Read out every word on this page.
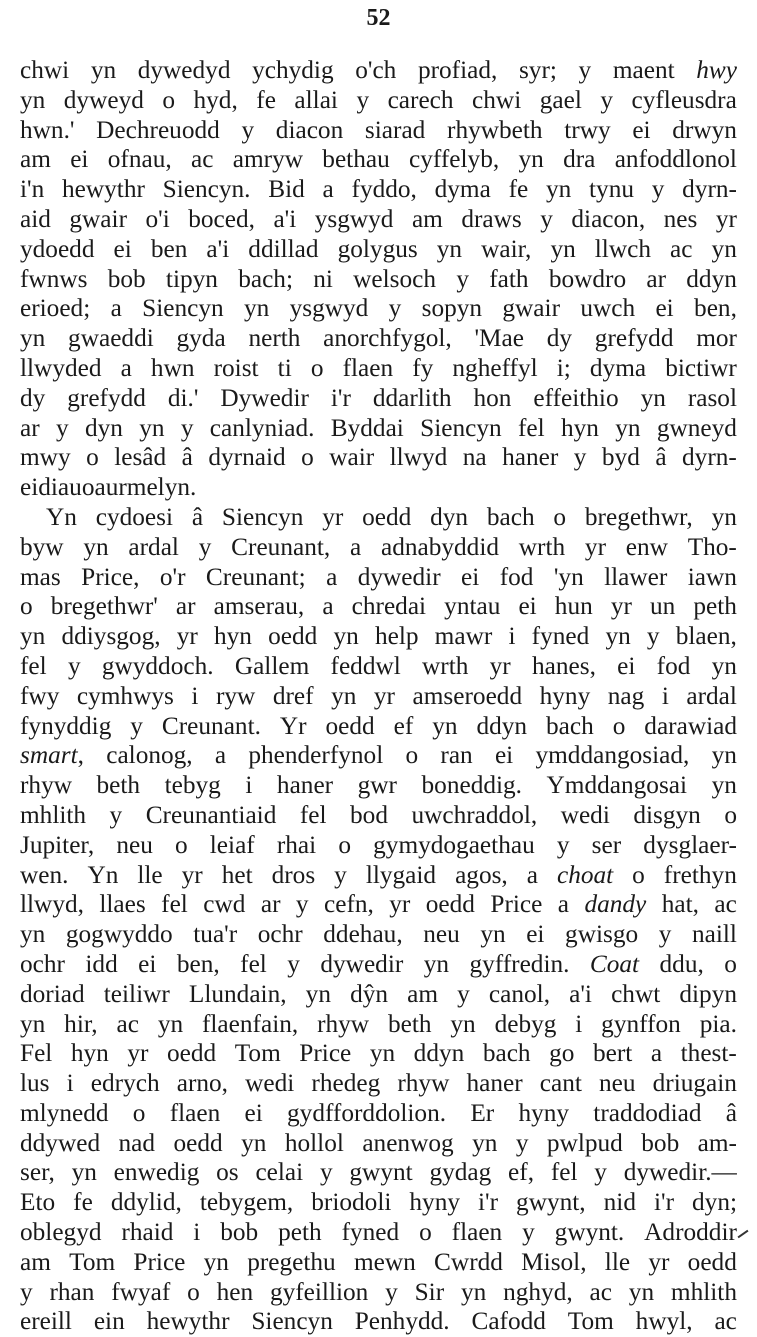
52
chwi yn dywedyd ychydig o'ch profiad, syr; y maent hwy
yn dyweyd o hyd, fe allai y carech chwi gael y cyfleusdra
hwn.' Dechreuodd y diacon siarad rhywbeth trwy ei drwyn
am ei ofnau, ac amryw bethau cyffelyb, yn dra anfoddlonol
i'n hewythr Siencyn. Bid a fyddo, dyma fe yn tynu y dyrn-
aid gwair o'i boced, a'i ysgwyd am draws y diacon, nes yr
ydoedd ei ben a'i ddillad golygus yn wair, yn llwch ac yn
fwnws bob tipyn bach; ni welsoch y fath bowdro ar ddyn
erioed; a Siencyn yn ysgwyd y sopyn gwair uwch ei ben,
yn gwaeddi gyda nerth anorchfygol, 'Mae dy grefydd mor
llwyded a hwn roist ti o flaen fy ngheffyl i; dyma bictiwr
dy grefydd di.' Dywedir i'r ddarlith hon effeithio yn rasol
ar y dyn yn y canlyniad. Byddai Siencyn fel hyn yn gwneyd
mwy o lesâd â dyrnaid o wair llwyd na haner y byd â dyrn-
eidiau o aur melyn.
Yn cydoesi â Siencyn yr oedd dyn bach o bregethwr, yn
byw yn ardal y Creunant, a adnabyddid wrth yr enw Tho-
mas Price, o'r Creunant; a dywedir ei fod 'yn llawer iawn
o bregethwr' ar amserau, a chredai yntau ei hun yr un peth
yn ddiysgog, yr hyn oedd yn help mawr i fyned yn y blaen,
fel y gwyddoch. Gallem feddwl wrth yr hanes, ei fod yn
fwy cymhwys i ryw dref yn yr amseroedd hyny nag i ardal
fynyddig y Creunant. Yr oedd ef yn ddyn bach o darawiad
smart, calonog, a phenderfynol o ran ei ymddangosiad, yn
rhyw beth tebyg i haner gwr boneddig. Ymddangosai yn
mhlith y Creunantiaid fel bod uwchraddol, wedi disgyn o
Jupiter, neu o leiaf rhai o gymydogaethau y ser dysglaer-
wen. Yn lle yr het dros y llygaid agos, a choat o frethyn
llwyd, llaes fel cwd ar y cefn, yr oedd Price a dandy hat, ac
yn gogwyddo tua'r ochr ddehau, neu yn ei gwisgo y naill
ochr idd ei ben, fel y dywedir yn gyffredin. Coat ddu, o
doriad teiliwr Llundain, yn dŷn am y canol, a'i chwt dipyn
yn hir, ac yn flaenfain, rhyw beth yn debyg i gynffon pia.
Fel hyn yr oedd Tom Price yn ddyn bach go bert a thest-
lus i edrych arno, wedi rhedeg rhyw haner cant neu driugain
mlynedd o flaen ei gydfforddolion. Er hyny traddodiad â
ddywed nad oedd yn hollol anenwog yn y pwlpud bob am-
ser, yn enwedig os celai y gwynt gydag ef, fel y dywedir.—
Eto fe ddylid, tebygem, briodoli hyny i'r gwynt, nid i'r dyn;
oblegyd rhaid i bob peth fyned o flaen y gwynt. Adroddir
am Tom Price yn pregethu mewn Cwrdd Misol, lle yr oedd
y rhan fwyaf o hen gyfeillion y Sir yn nghyd, ac yn mhlith
ereill ein hewythr Siencyn Penhydd. Cafodd Tom hwyl, ac
